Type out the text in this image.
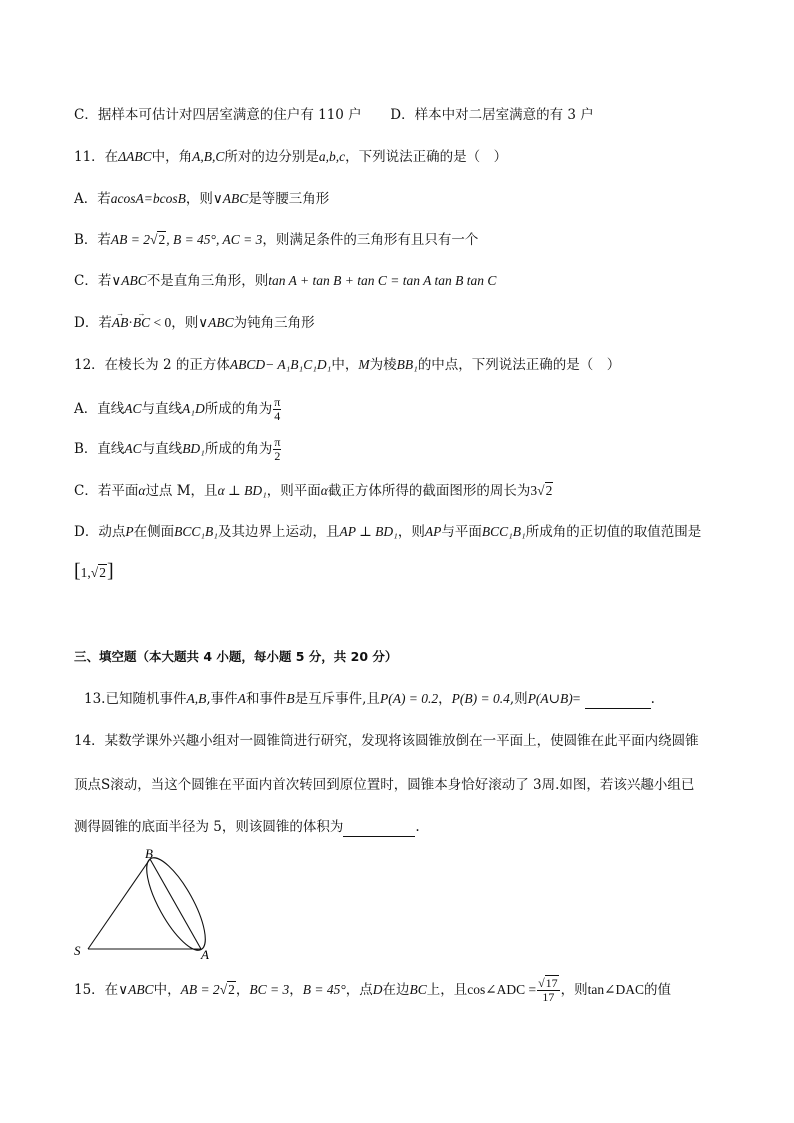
C．据样本可估计对四居室满意的住户有 110 户 D．样本中对二居室满意的有 3 户
11．在ΔABC中，角A,B,C所对的边分别是a,b,c，下列说法正确的是（　）
A．若acosA=bcosB，则∨ABC是等腰三角形
B．若AB = 2√2, B = 45°, AC = 3，则满足条件的三角形有且只有一个
C．若∨ABC不是直角三角形，则tan A + tan B + tan C = tan A tan B tan C
D．若→ AB·→ BC < 0，则∨ABC为钝角三角形
12．在棱长为 2 的正方体ABCD− A₁B₁C₁D₁中，M为棱BB₁的中点，下列说法正确的是（　）
A．直线AC与直线A₁D所成的角为 $\frac{\pi}{4}$
B．直线AC与直线BD₁所成的角为 $\frac{\pi}{2}$
C．若平面α过点 M，且α ⊥ BD₁，则平面α截正方体所得的截面图形的周长为3√2
D．动点P在侧面BCC₁B₁及其边界上运动，且AP ⊥ BD₁，则AP与平面BCC₁B₁所成角的正切值的取值范围是
[1,√2]
三、填空题（本大题共 4 小题，每小题 5 分，共 20 分）
13.已知随机事件A,B,事件A和事件B是互斥事件,且P(A) = 0.2，P(B) = 0.4,则P(A∪B)=	.
14．某数学课外兴趣小组对一圆锥筒进行研究，发现将该圆锥放倒在一平面上，使圆锥在此平面内绕圆锥
顶点S滚动，当这个圆锥在平面内首次转回到原位置时，圆锥本身恰好滚动了 3周.如图，若该兴趣小组已
测得圆锥的底面半径为 5，则该圆锥的体积为	.
B
S	A
15．在∨ABC中，AB = 2√2，BC = 3，B = 45°，点D在边BC上，且cos∠ADC = $\frac{√17}{17}$ ，则tan∠DAC的值
